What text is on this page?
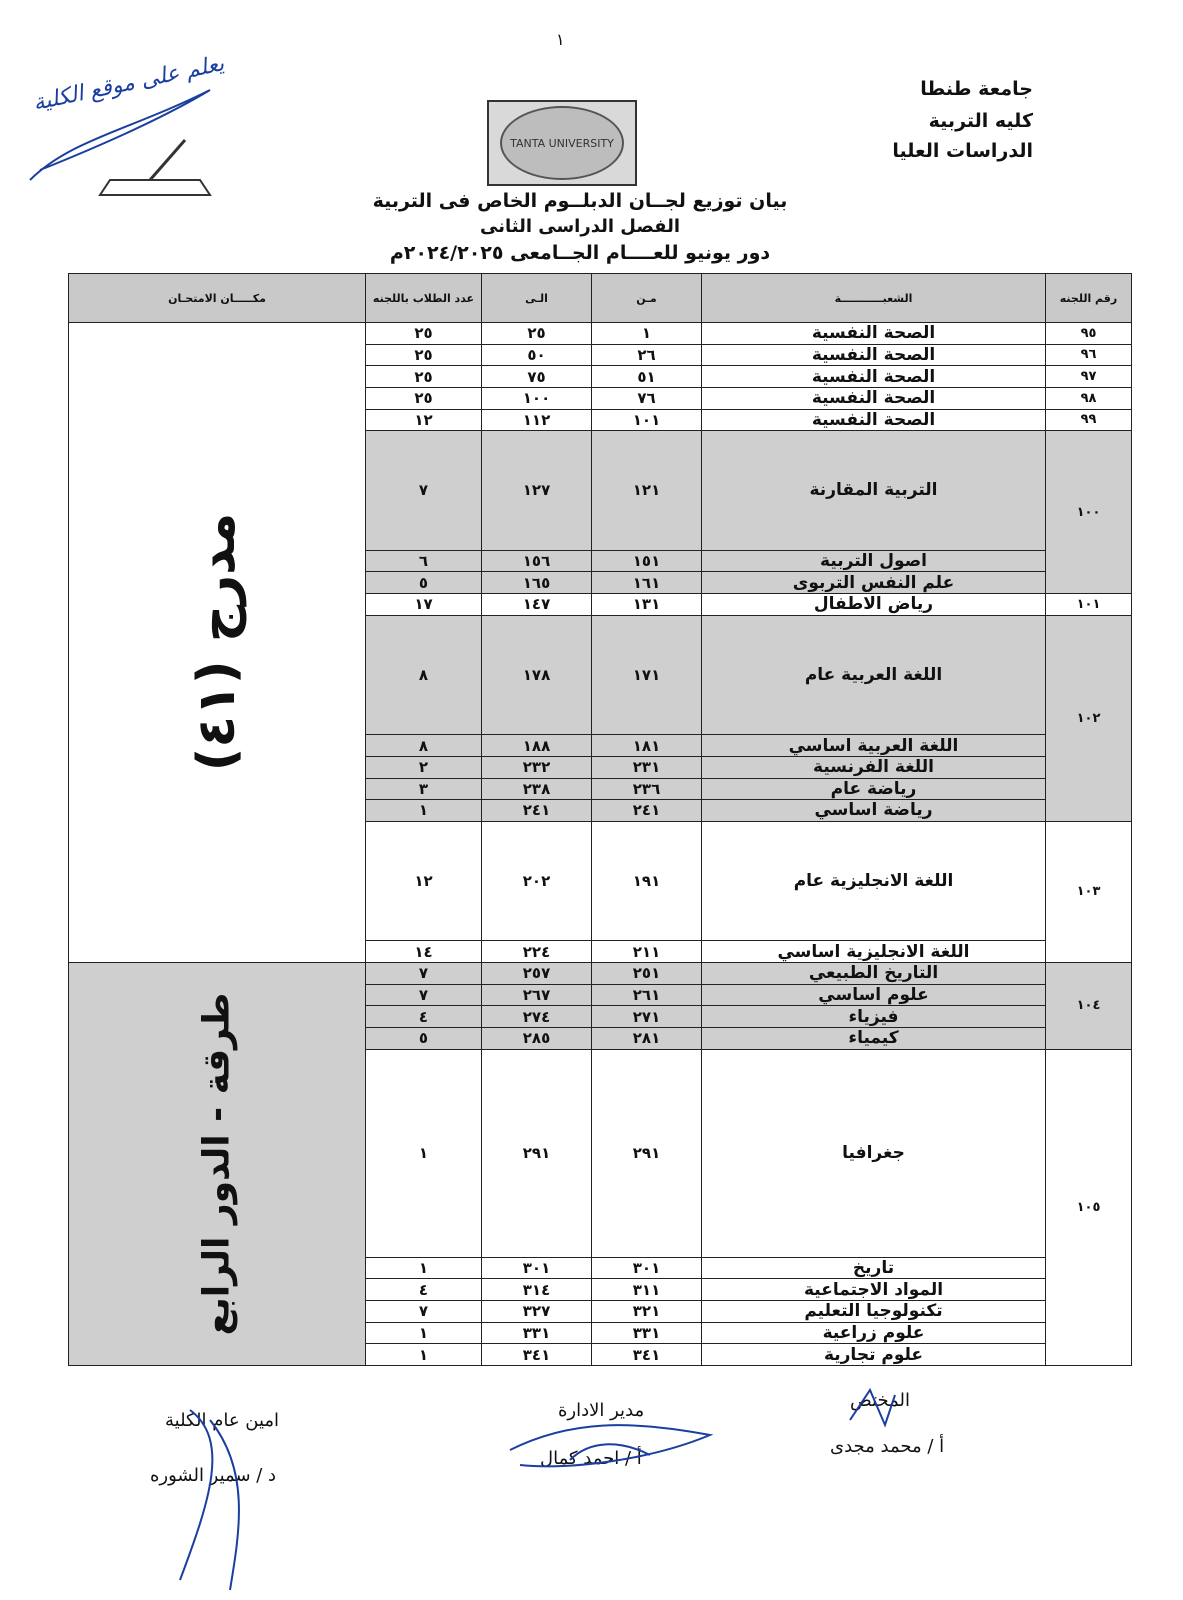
١
يعلم على موقع الكلية	جامعة طنطا
كليه التربية
الدراسات العليا
TANTA UNIVERSITY
بيان توزيع لجــان الدبلــوم الخاص فى التربية
الفصل الدراسى الثانى
دور يونيو للعــــام الجــامعى ٢٠٢٤/٢٠٢٥م
رقم اللجنه	الشعبـــــــــــة	مـن	الـى	عدد الطلاب باللجنه	مكـــــان الامتحـان
٩٥	الصحة النفسية	١	٢٥	٢٥	مدرج (٤١)

٩٦	الصحة النفسية	٢٦	٥٠	٢٥	
٩٧	الصحة النفسية	٥١	٧٥	٢٥	
٩٨	الصحة النفسية	٧٦	١٠٠	٢٥	
٩٩	الصحة النفسية	١٠١	١١٢	١٢	
١٠٠	التربية المقارنة	١٢١	١٢٧	٧	
	اصول التربية	١٥١	١٥٦	٦	
	علم النفس التربوى	١٦١	١٦٥	٥	
١٠١	رياض الاطفال	١٣١	١٤٧	١٧	
١٠٢	اللغة العربية عام	١٧١	١٧٨	٨	
	اللغة العربية اساسي	١٨١	١٨٨	٨	
	اللغة الفرنسية	٢٣١	٢٣٢	٢	
	رياضة عام	٢٣٦	٢٣٨	٣	
	رياضة اساسي	٢٤١	٢٤١	١	
١٠٣	اللغة الانجليزية عام	١٩١	٢٠٢	١٢	
	اللغة الانجليزية اساسي	٢١١	٢٢٤	١٤	
١٠٤	التاريخ الطبيعي	٢٥١	٢٥٧	٧	طرقة - الدور الرابع

	علوم اساسي	٢٦١	٢٦٧	٧	
	فيزياء	٢٧١	٢٧٤	٤	
	كيمياء	٢٨١	٢٨٥	٥	
١٠٥	جغرافيا	٢٩١	٢٩١	١	
	تاريخ	٣٠١	٣٠١	١	
	المواد الاجتماعية	٣١١	٣١٤	٤	
	تكنولوجيا التعليم	٣٢١	٣٢٧	٧	
	علوم زراعية	٣٣١	٣٣١	١	
	علوم تجارية	٣٤١	٣٤١	١	
المختص
أ / محمد مجدى
مدير الادارة
أ / احمد كمال
امين عام الكلية
د / سمير الشوره
